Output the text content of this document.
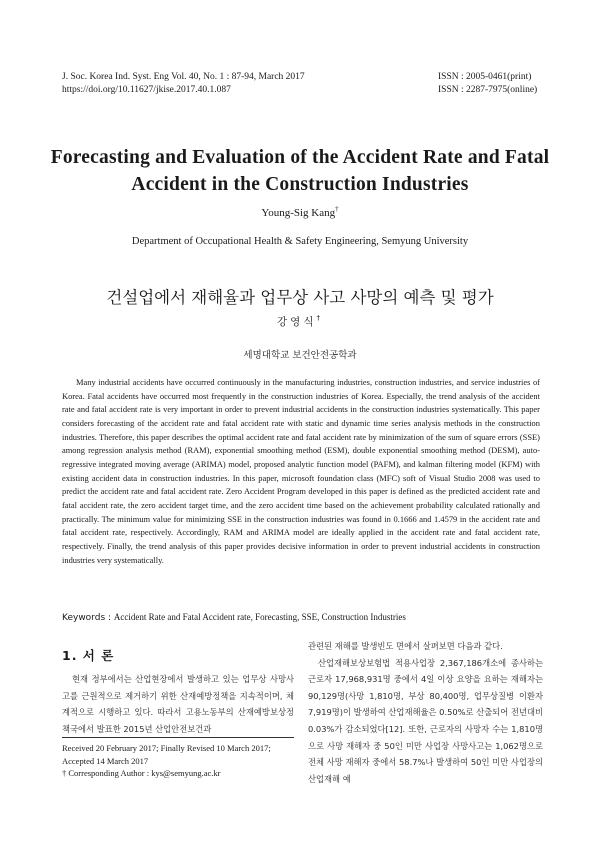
J. Soc. Korea Ind. Syst. Eng Vol. 40, No. 1 : 87-94, March 2017
https://doi.org/10.11627/jkise.2017.40.1.087
ISSN : 2005-0461(print)
ISSN : 2287-7975(online)
Forecasting and Evaluation of the Accident Rate and Fatal Accident in the Construction Industries
Young-Sig Kang†
Department of Occupational Health & Safety Engineering, Semyung University
건설업에서 재해율과 업무상 사고 사망의 예측 및 평가
강영식†
세명대학교 보건안전공학과
Many industrial accidents have occurred continuously in the manufacturing industries, construction industries, and service industries of Korea. Fatal accidents have occurred most frequently in the construction industries of Korea. Especially, the trend analysis of the accident rate and fatal accident rate is very important in order to prevent industrial accidents in the construction industries systematically. This paper considers forecasting of the accident rate and fatal accident rate with static and dynamic time series analysis methods in the construction industries. Therefore, this paper describes the optimal accident rate and fatal accident rate by minimization of the sum of square errors (SSE) among regression analysis method (RAM), exponential smoothing method (ESM), double exponential smoothing method (DESM), auto-regressive integrated moving average (ARIMA) model, proposed analytic function model (PAFM), and kalman filtering model (KFM) with existing accident data in construction industries. In this paper, microsoft foundation class (MFC) soft of Visual Studio 2008 was used to predict the accident rate and fatal accident rate. Zero Accident Program developed in this paper is defined as the predicted accident rate and fatal accident rate, the zero accident target time, and the zero accident time based on the achievement probability calculated rationally and practically. The minimum value for minimizing SSE in the construction industries was found in 0.1666 and 1.4579 in the accident rate and fatal accident rate, respectively. Accordingly, RAM and ARIMA model are ideally applied in the accident rate and fatal accident rate, respectively. Finally, the trend analysis of this paper provides decisive information in order to prevent industrial accidents in construction industries very systematically.
Keywords : Accident Rate and Fatal Accident rate, Forecasting, SSE, Construction Industries
1. 서 론
현재 정부에서는 산업현장에서 발생하고 있는 업무상 사망사고를 근원적으로 제거하기 위한 산재예방정책을 지속적이며, 체계적으로 시행하고 있다. 따라서 고용노동부의 산재예방보상정책국에서 발표한 2015년 산업안전보건과

관련된 재해를 발생빈도 면에서 살펴보면 다음과 같다.

산업재해보상보험법 적용사업장 2,367,186개소에 종사하는 근로자 17,968,931명 중에서 4일 이상 요양을 요하는 재해자는 90,129명(사망 1,810명, 부상 80,400명, 업무상질병 이환자 7,919명)이 발생하여 산업재해율은 0.50%로 산출되어 전년대비 0.03%가 감소되었다[12]. 또한, 근로자의 사망자 수는 1,810명으로 사망 재해자 중 50인 미만 사업장 사망사고는 1,062명으로 전체 사망 재해자 중에서 58.7%나 발생하여 50인 미만 사업장의 산업재해 예

Received 20 February 2017; Finally Revised 10 March 2017;
Accepted 14 March 2017
† Corresponding Author : kys@semyung.ac.kr
